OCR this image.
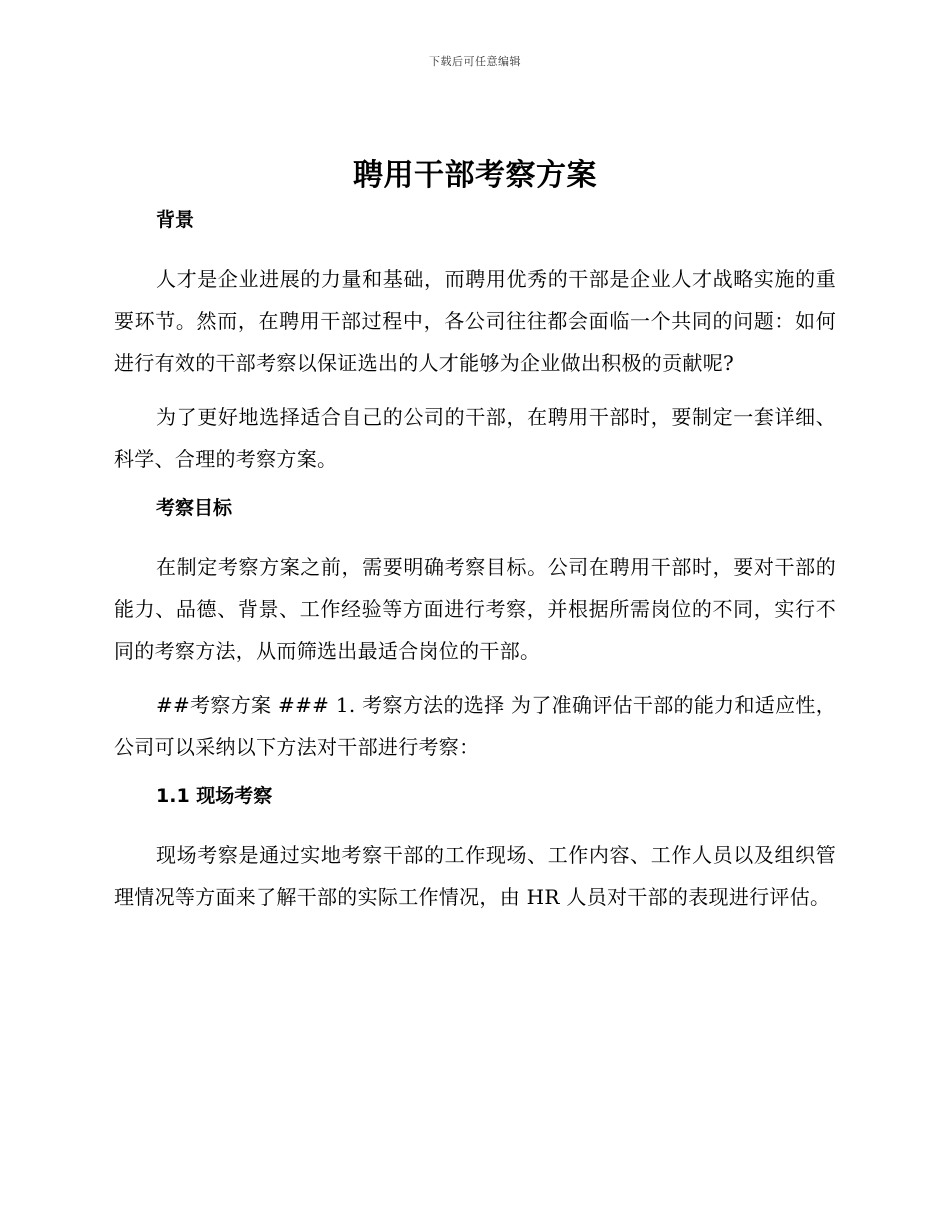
下载后可任意编辑
聘用干部考察方案
背景

人才是企业进展的力量和基础，而聘用优秀的干部是企业人才战略实施的重要环节。然而，在聘用干部过程中，各公司往往都会面临一个共同的问题：如何进行有效的干部考察以保证选出的人才能够为企业做出积极的贡献呢?

为了更好地选择适合自己的公司的干部，在聘用干部时，要制定一套详细、科学、合理的考察方案。

考察目标

在制定考察方案之前，需要明确考察目标。公司在聘用干部时，要对干部的能力、品德、背景、工作经验等方面进行考察，并根据所需岗位的不同，实行不同的考察方法，从而筛选出最适合岗位的干部。

##考察方案 ### 1. 考察方法的选择 为了准确评估干部的能力和适应性，公司可以采纳以下方法对干部进行考察：

1.1 现场考察

现场考察是通过实地考察干部的工作现场、工作内容、工作人员以及组织管理情况等方面来了解干部的实际工作情况，由 HR 人员对干部的表现进行评估。
